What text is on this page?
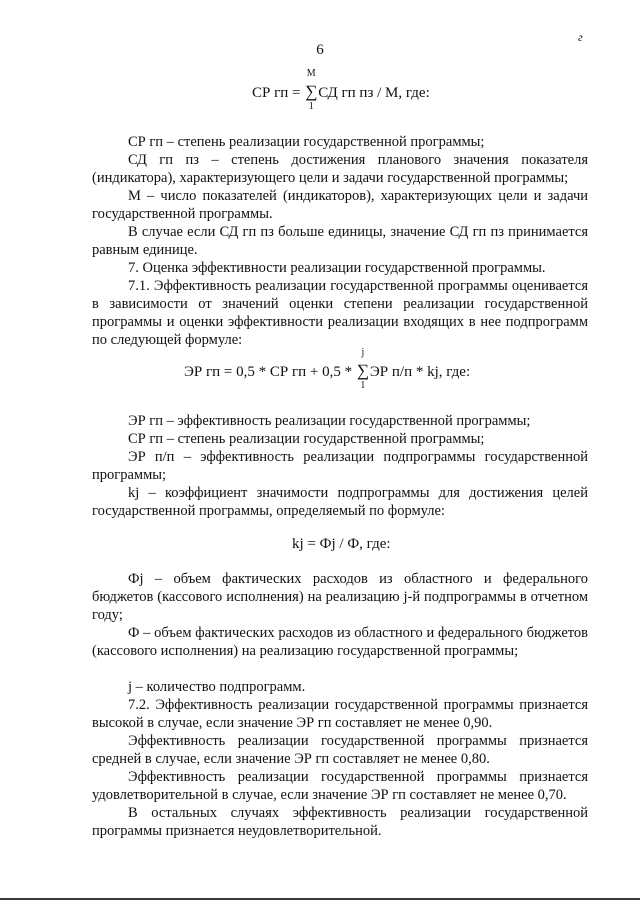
6
г
СР гп =
М
∑
1
СД гп пз / М, где:
СР гп – степень реализации государственной программы;
СД гп пз – степень достижения планового значения показателя (индикатора), характеризующего цели и задачи государственной программы;
М – число показателей (индикаторов), характеризующих цели и задачи государственной программы.
В случае если СД гп пз больше единицы, значение СД гп пз принимается равным единице.
7. Оценка эффективности реализации государственной программы.
7.1. Эффективность реализации государственной программы оценивается в зависимости от значений оценки степени реализации государственной программы и оценки эффективности реализации входящих в нее подпрограмм по следующей формуле:
ЭР гп = 0,5 * СР гп + 0,5 *
j
∑
1
ЭР п/п * kj, где:
ЭР гп – эффективность реализации государственной программы;
СР гп – степень реализации государственной программы;
ЭР п/п – эффективность реализации подпрограммы государственной программы;
kj – коэффициент значимости подпрограммы для достижения целей государственной программы, определяемый по формуле:
kj = Фj / Ф, где:
Фj – объем фактических расходов из областного и федерального бюджетов (кассового исполнения) на реализацию j-й подпрограммы в отчетном году;
Ф – объем фактических расходов из областного и федерального бюджетов (кассового исполнения) на реализацию государственной программы;
j – количество подпрограмм.
7.2. Эффективность реализации государственной программы признается высокой в случае, если значение ЭР гп составляет не менее 0,90.
Эффективность реализации государственной программы признается средней в случае, если значение ЭР гп составляет не менее 0,80.
Эффективность реализации государственной программы признается удовлетворительной в случае, если значение ЭР гп составляет не менее 0,70.
В остальных случаях эффективность реализации государственной программы признается неудовлетворительной.
